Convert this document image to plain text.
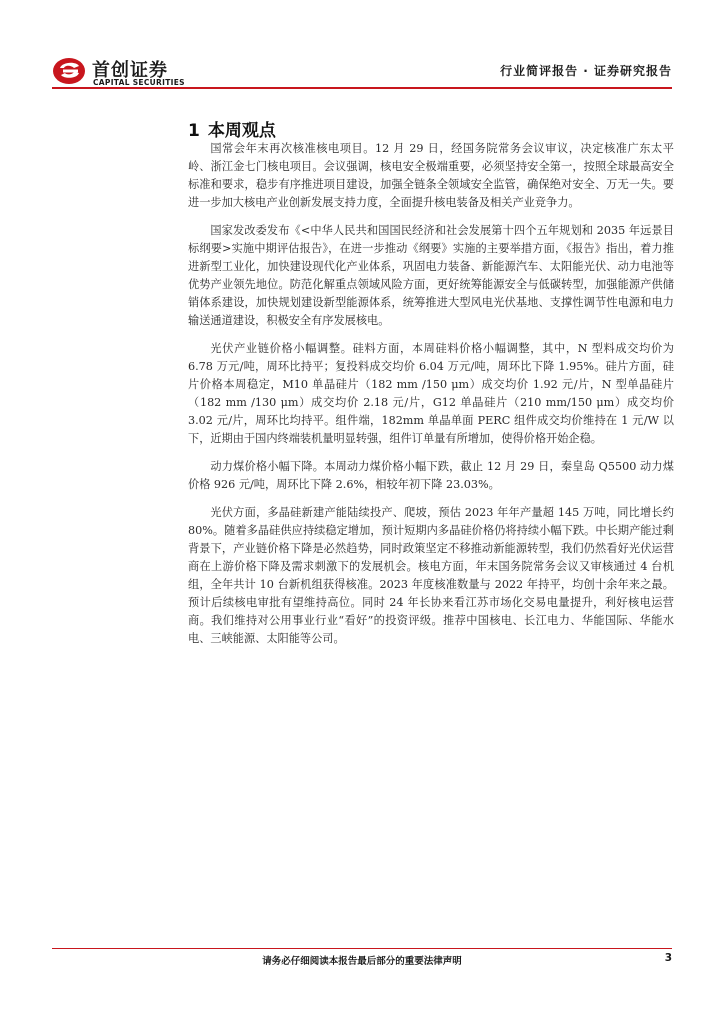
首创证券
CAPITAL SECURITIES
行业简评报告 · 证券研究报告
1 本周观点

国常会年末再次核准核电项目。12 月 29 日，经国务院常务会议审议，决定核准广东太平岭、浙江金七门核电项目。会议强调，核电安全极端重要，必须坚持安全第一，按照全球最高安全标准和要求，稳步有序推进项目建设，加强全链条全领域安全监管，确保绝对安全、万无一失。要进一步加大核电产业创新发展支持力度，全面提升核电装备及相关产业竞争力。

国家发改委发布《<中华人民共和国国民经济和社会发展第十四个五年规划和 2035 年远景目标纲要>实施中期评估报告》，在进一步推动《纲要》实施的主要举措方面，《报告》指出，着力推进新型工业化，加快建设现代化产业体系，巩固电力装备、新能源汽车、太阳能光伏、动力电池等优势产业领先地位。防范化解重点领域风险方面，更好统筹能源安全与低碳转型，加强能源产供储销体系建设，加快规划建设新型能源体系，统筹推进大型风电光伏基地、支撑性调节性电源和电力输送通道建设，积极安全有序发展核电。

光伏产业链价格小幅调整。硅料方面，本周硅料价格小幅调整，其中，N 型料成交均价为 6.78 万元/吨，周环比持平；复投料成交均价 6.04 万元/吨，周环比下降 1.95%。硅片方面，硅片价格本周稳定，M10 单晶硅片（182 mm /150 μm）成交均价 1.92 元/片，N 型单晶硅片（182 mm /130 μm）成交均价 2.18 元/片，G12 单晶硅片（210 mm/150 μm）成交均价 3.02 元/片，周环比均持平。组件端，182mm 单晶单面 PERC 组件成交均价维持在 1 元/W 以下，近期由于国内终端装机量明显转强，组件订单量有所增加，使得价格开始企稳。

动力煤价格小幅下降。本周动力煤价格小幅下跌，截止 12 月 29 日，秦皇岛 Q5500 动力煤价格 926 元/吨，周环比下降 2.6%，相较年初下降 23.03%。

光伏方面，多晶硅新建产能陆续投产、爬坡，预估 2023 年年产量超 145 万吨，同比增长约 80%。随着多晶硅供应持续稳定增加，预计短期内多晶硅价格仍将持续小幅下跌。中长期产能过剩背景下，产业链价格下降是必然趋势，同时政策坚定不移推动新能源转型，我们仍然看好光伏运营商在上游价格下降及需求刺激下的发展机会。核电方面，年末国务院常务会议又审核通过 4 台机组，全年共计 10 台新机组获得核准。2023 年度核准数量与 2022 年持平，均创十余年来之最。预计后续核电审批有望维持高位。同时 24 年长协来看江苏市场化交易电量提升，利好核电运营商。我们维持对公用事业行业“看好”的投资评级。推荐中国核电、长江电力、华能国际、华能水电、三峡能源、太阳能等公司。

请务必仔细阅读本报告最后部分的重要法律声明	3
